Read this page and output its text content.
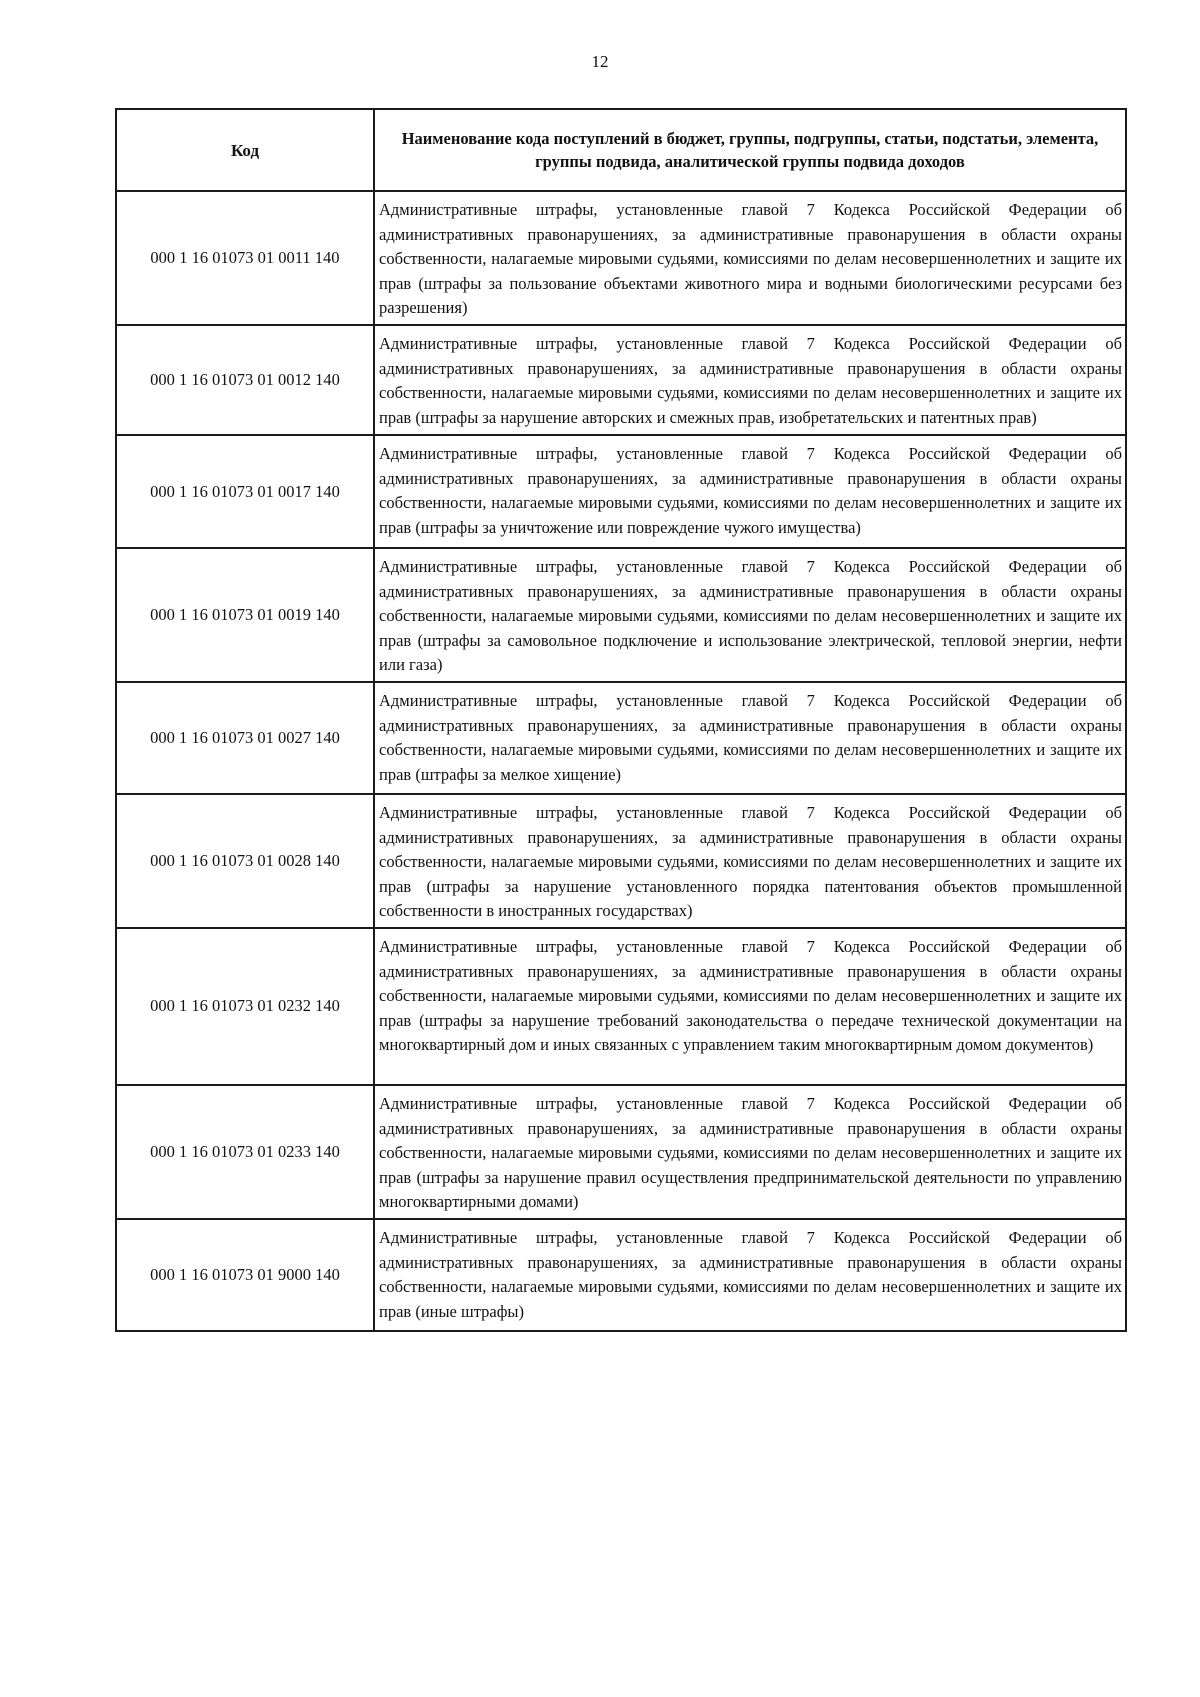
12
Код	Наименование кода поступлений в бюджет, группы, подгруппы, статьи, подстатьи, элемента, группы подвида, аналитической группы подвида доходов

000 1 16 01073 01 0011 140	Административные штрафы, установленные главой 7 Кодекса Российской Федерации об административных правонарушениях, за административные правонарушения в области охраны собственности, налагаемые мировыми судьями, комиссиями по делам несовершеннолетних и защите их прав (штрафы за пользование объектами животного мира и водными биологическими ресурсами без разрешения)
000 1 16 01073 01 0012 140	Административные штрафы, установленные главой 7 Кодекса Российской Федерации об административных правонарушениях, за административные правонарушения в области охраны собственности, налагаемые мировыми судьями, комиссиями по делам несовершеннолетних и защите их прав (штрафы за нарушение авторских и смежных прав, изобретательских и патентных прав)
000 1 16 01073 01 0017 140	Административные штрафы, установленные главой 7 Кодекса Российской Федерации об административных правонарушениях, за административные правонарушения в области охраны собственности, налагаемые мировыми судьями, комиссиями по делам несовершеннолетних и защите их прав (штрафы за уничтожение или повреждение чужого имущества)
000 1 16 01073 01 0019 140	Административные штрафы, установленные главой 7 Кодекса Российской Федерации об административных правонарушениях, за административные правонарушения в области охраны собственности, налагаемые мировыми судьями, комиссиями по делам несовершеннолетних и защите их прав (штрафы за самовольное подключение и использование электрической, тепловой энергии, нефти или газа)
000 1 16 01073 01 0027 140	Административные штрафы, установленные главой 7 Кодекса Российской Федерации об административных правонарушениях, за административные правонарушения в области охраны собственности, налагаемые мировыми судьями, комиссиями по делам несовершеннолетних и защите их прав (штрафы за мелкое хищение)
000 1 16 01073 01 0028 140	Административные штрафы, установленные главой 7 Кодекса Российской Федерации об административных правонарушениях, за административные правонарушения в области охраны собственности, налагаемые мировыми судьями, комиссиями по делам несовершеннолетних и защите их прав (штрафы за нарушение установленного порядка патентования объектов промышленной собственности в иностранных государствах)
000 1 16 01073 01 0232 140	Административные штрафы, установленные главой 7 Кодекса Российской Федерации об административных правонарушениях, за административные правонарушения в области охраны собственности, налагаемые мировыми судьями, комиссиями по делам несовершеннолетних и защите их прав (штрафы за нарушение требований законодательства о передаче технической документации на многоквартирный дом и иных связанных с управлением таким многоквартирным домом документов)
000 1 16 01073 01 0233 140	Административные штрафы, установленные главой 7 Кодекса Российской Федерации об административных правонарушениях, за административные правонарушения в области охраны собственности, налагаемые мировыми судьями, комиссиями по делам несовершеннолетних и защите их прав (штрафы за нарушение правил осуществления предпринимательской деятельности по управлению многоквартирными домами)
000 1 16 01073 01 9000 140	Административные штрафы, установленные главой 7 Кодекса Российской Федерации об административных правонарушениях, за административные правонарушения в области охраны собственности, налагаемые мировыми судьями, комиссиями по делам несовершеннолетних и защите их прав (иные штрафы)
